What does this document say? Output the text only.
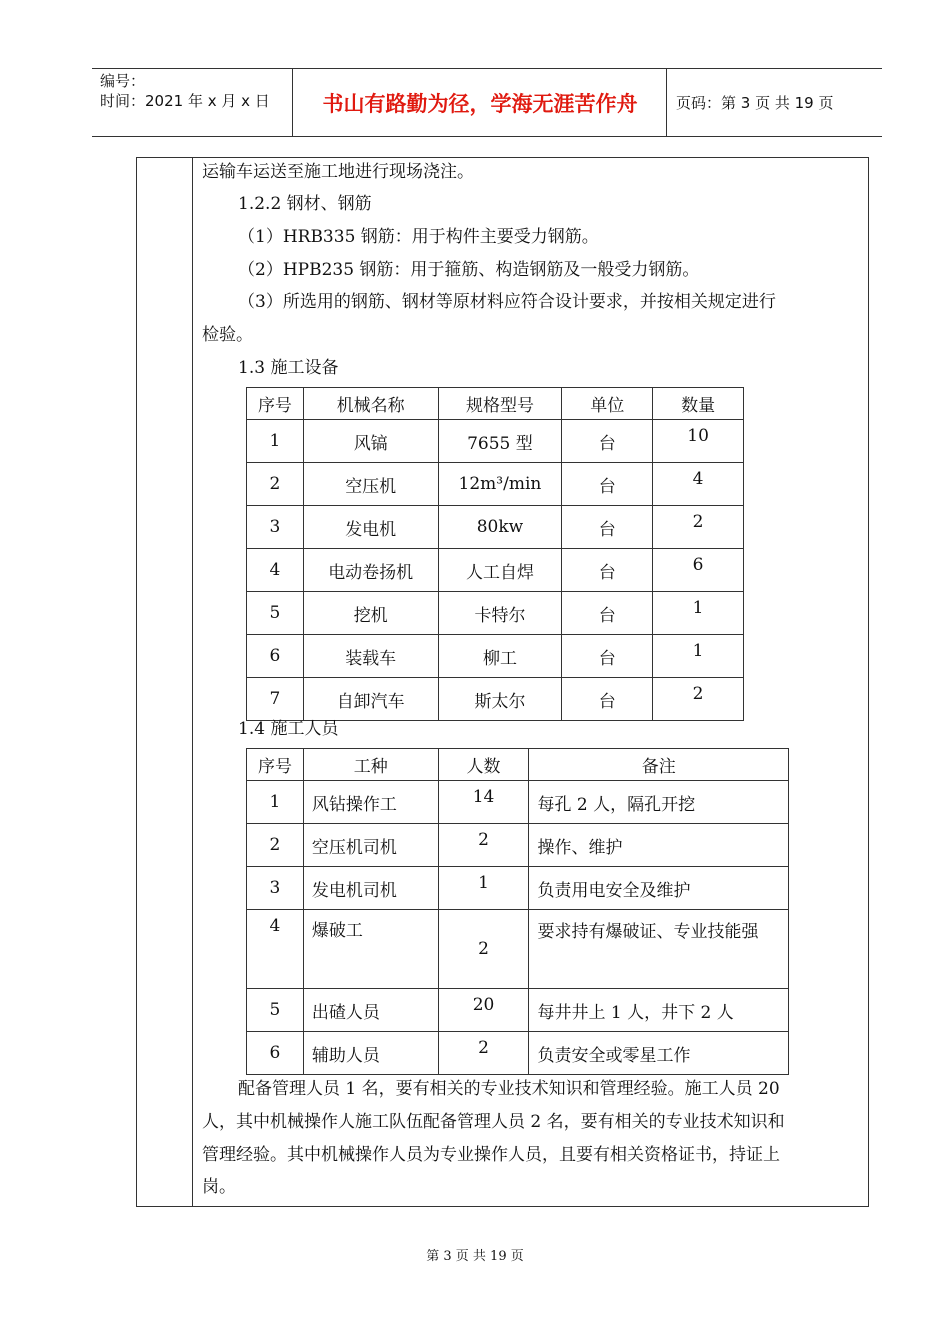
编号：
时间：2021 年 x 月 x 日	书山有路勤为径，学海无涯苦作舟	页码：第 3 页 共 19 页
运输车运送至施工地进行现场浇注。
1.2.2 钢材、钢筋
（1）HRB335 钢筋：用于构件主要受力钢筋。
（2）HPB235 钢筋：用于箍筋、构造钢筋及一般受力钢筋。
（3）所选用的钢筋、钢材等原材料应符合设计要求，并按相关规定进行
检验。
1.3 施工设备
序号	机械名称	规格型号	单位	数量
1	风镐	7655 型	台	10
2	空压机	12m³/min	台	4
3	发电机	80kw	台	2
4	电动卷扬机	人工自焊	台	6
5	挖机	卡特尔	台	1
6	装载车	柳工	台	1
7	自卸汽车	斯太尔	台	2
1.4 施工人员
序号	工种	人数	备注
1	风钻操作工	14	每孔 2 人，隔孔开挖
2	空压机司机	2	操作、维护
3	发电机司机	1	负责用电安全及维护
4	爆破工	2	要求持有爆破证、专业技能强
5	出碴人员	20	每井井上 1 人，井下 2 人
6	辅助人员	2	负责安全或零星工作
配备管理人员 1 名，要有相关的专业技术知识和管理经验。施工人员 20
人，其中机械操作人施工队伍配备管理人员 2 名，要有相关的专业技术知识和
管理经验。其中机械操作人员为专业操作人员，且要有相关资格证书，持证上
岗。
第 3 页 共 19 页
